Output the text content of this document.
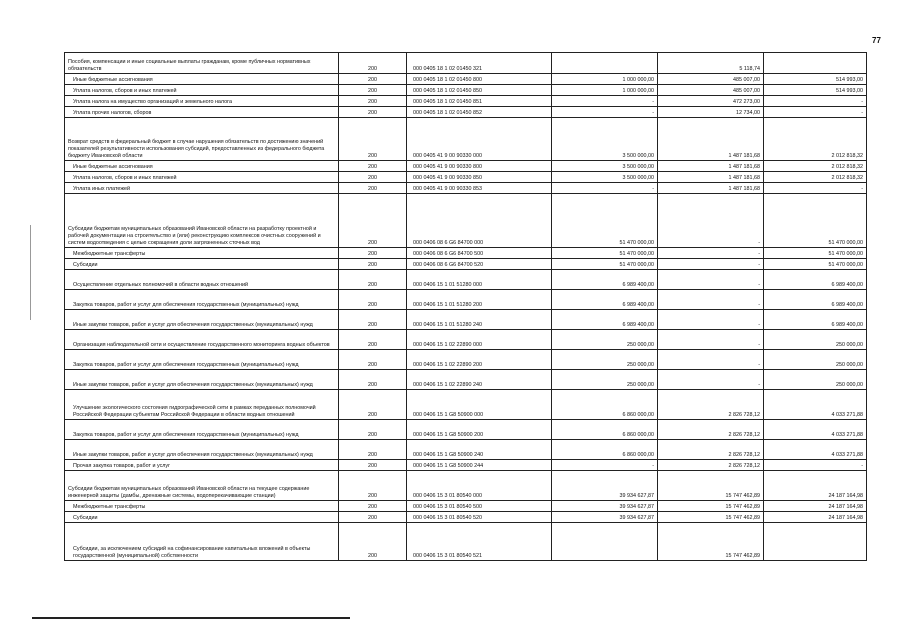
77
Пособия, компенсации и иные социальные выплаты гражданам, кроме публичных нормативных обязательств	200	000 0405 18 1 02 01450 321		5 118,74	
Иные бюджетные ассигнования	200	000 0405 18 1 02 01450 800	1 000 000,00	485 007,00	514 993,00
Уплата налогов, сборов и иных платежей	200	000 0405 18 1 02 01450 850	1 000 000,00	485 007,00	514 993,00
Уплата налога на имущество организаций и земельного налога	200	000 0405 18 1 02 01450 851	-	472 273,00	-
Уплата прочих налогов, сборов	200	000 0405 18 1 02 01450 852	-	12 734,00	-
Возврат средств в федеральный бюджет в случае нарушения обязательств по достижению значений показателей результативности использования субсидий, предоставленных из федерального бюджета бюджету Ивановской области	200	000 0405 41 9 00 90330 000	3 500 000,00	1 487 181,68	2 012 818,32
Иные бюджетные ассигнования	200	000 0405 41 9 00 90330 800	3 500 000,00	1 487 181,68	2 012 818,32
Уплата налогов, сборов и иных платежей	200	000 0405 41 9 00 90330 850	3 500 000,00	1 487 181,68	2 012 818,32
Уплата иных платежей	200	000 0405 41 9 00 90330 853	-	1 487 181,68	-
Субсидии бюджетам муниципальных образований Ивановской области на разработку проектной и рабочей документации на строительство и (или) реконструкцию комплексов очистных сооружений и систем водоотведения с целью сокращения доли загрязненных сточных вод	200	000 0406 08 6 G6 84700 000	51 470 000,00	-	51 470 000,00
Межбюджетные трансферты	200	000 0406 08 6 G6 84700 500	51 470 000,00	-	51 470 000,00
Субсидии	200	000 0406 08 6 G6 84700 520	51 470 000,00	-	51 470 000,00
Осуществление отдельных полномочий в области водных отношений	200	000 0406 15 1 01 51280 000	6 989 400,00	-	6 989 400,00
Закупка товаров, работ и услуг для обеспечения государственных (муниципальных) нужд	200	000 0406 15 1 01 51280 200	6 989 400,00	-	6 989 400,00
Иные закупки товаров, работ и услуг для обеспечения государственных (муниципальных) нужд	200	000 0406 15 1 01 51280 240	6 989 400,00	-	6 989 400,00
Организация наблюдательной сети и осуществление государственного мониторинга водных объектов	200	000 0406 15 1 02 22890 000	250 000,00	-	250 000,00
Закупка товаров, работ и услуг для обеспечения государственных (муниципальных) нужд	200	000 0406 15 1 02 22890 200	250 000,00	-	250 000,00
Иные закупки товаров, работ и услуг для обеспечения государственных (муниципальных) нужд	200	000 0406 15 1 02 22890 240	250 000,00	-	250 000,00
Улучшение экологического состояния гидрографической сети в рамках переданных полномочий Российской Федерации субъектам Российской Федерации в области водных отношений	200	000 0406 15 1 G8 50900 000	6 860 000,00	2 826 728,12	4 033 271,88
Закупка товаров, работ и услуг для обеспечения государственных (муниципальных) нужд	200	000 0406 15 1 G8 50900 200	6 860 000,00	2 826 728,12	4 033 271,88
Иные закупки товаров, работ и услуг для обеспечения государственных (муниципальных) нужд	200	000 0406 15 1 G8 50900 240	6 860 000,00	2 826 728,12	4 033 271,88
Прочая закупка товаров, работ и услуг	200	000 0406 15 1 G8 50900 244	-	2 826 728,12	-
Субсидии бюджетам муниципальных образований Ивановской области на текущее содержание инженерной защиты (дамбы, дренажные системы, водоперекачивающие станции)	200	000 0406 15 3 01 80540 000	39 934 627,87	15 747 462,89	24 187 164,98
Межбюджетные трансферты	200	000 0406 15 3 01 80540 500	39 934 627,87	15 747 462,89	24 187 164,98
Субсидии	200	000 0406 15 3 01 80540 520	39 934 627,87	15 747 462,89	24 187 164,98
Субсидии, за исключением субсидий на софинансирование капитальных вложений в объекты государственной (муниципальной) собственности	200	000 0406 15 3 01 80540 521		15 747 462,89	
